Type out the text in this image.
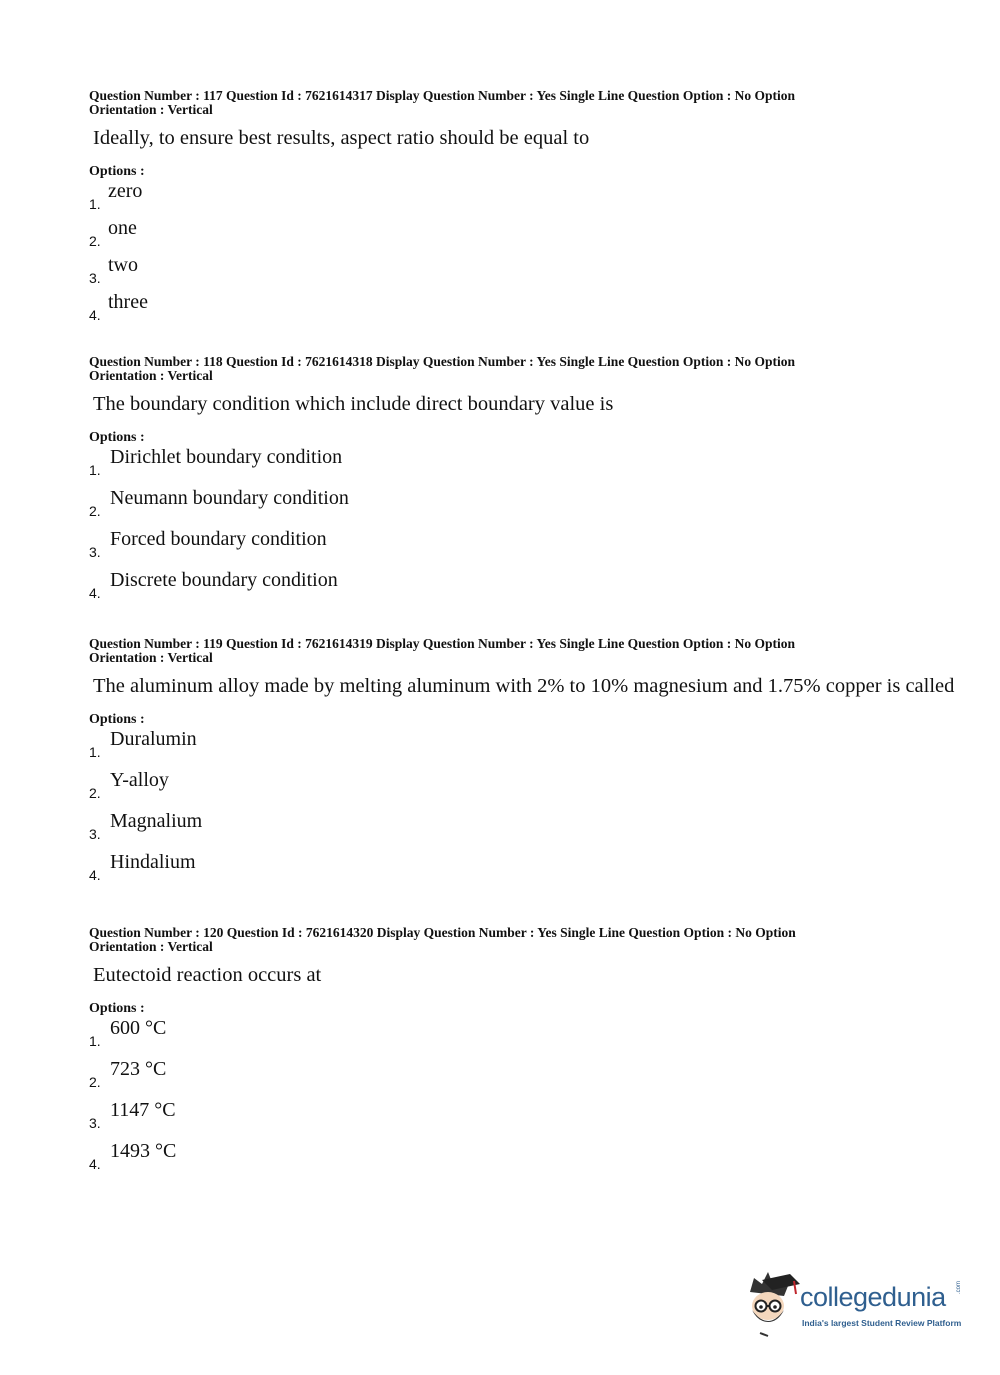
Question Number : 117 Question Id : 7621614317 Display Question Number : Yes Single Line Question Option : No Option
Orientation : Vertical

Ideally, to ensure best results, aspect ratio should be equal to
Options :
1.
zero
2.
one
3.
two
4.
three

Question Number : 118 Question Id : 7621614318 Display Question Number : Yes Single Line Question Option : No Option
Orientation : Vertical

The boundary condition which include direct boundary value is
Options :
1.
Dirichlet boundary condition
2.
Neumann boundary condition
3.
Forced boundary condition
4.
Discrete boundary condition

Question Number : 119 Question Id : 7621614319 Display Question Number : Yes Single Line Question Option : No Option
Orientation : Vertical

The aluminum alloy made by melting aluminum with 2% to 10% magnesium and 1.75% copper is called
Options :
1.
Duralumin
2.
Y-alloy
3.
Magnalium
4.
Hindalium

Question Number : 120 Question Id : 7621614320 Display Question Number : Yes Single Line Question Option : No Option
Orientation : Vertical

Eutectoid reaction occurs at
Options :
1.
600 °C
2.
723 °C
3.
1147 °C
4.
1493 °C
collegedunia .com
India's largest Student Review Platform
